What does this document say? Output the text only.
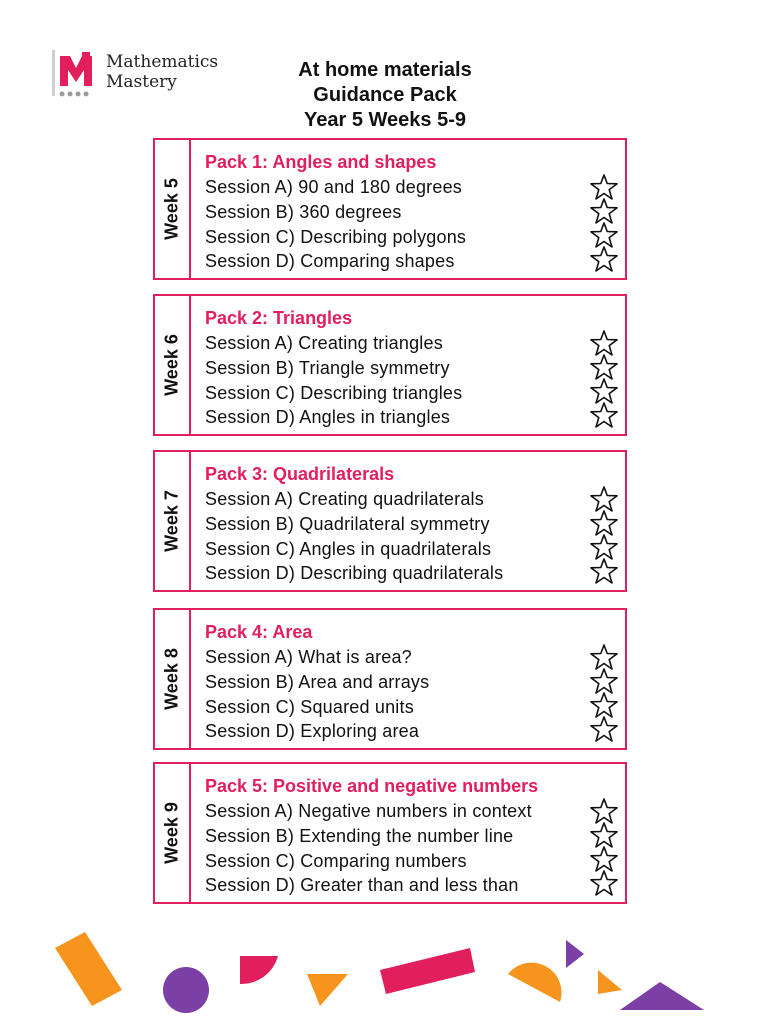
Mathematics
Mastery
At home materials
Guidance Pack
Year 5 Weeks 5-9
Week 5
Pack 1: Angles and shapes
Session A) 90 and 180 degrees
Session B) 360 degrees
Session C) Describing polygons
Session D) Comparing shapes
Week 6
Pack 2: Triangles
Session A) Creating triangles
Session B) Triangle symmetry
Session C) Describing triangles
Session D) Angles in triangles
Week 7
Pack 3: Quadrilaterals
Session A) Creating quadrilaterals
Session B) Quadrilateral symmetry
Session C) Angles in quadrilaterals
Session D) Describing quadrilaterals
Week 8
Pack 4: Area
Session A) What is area?
Session B) Area and arrays
Session C) Squared units
Session D) Exploring area
Week 9
Pack 5: Positive and negative numbers
Session A) Negative numbers in context
Session B) Extending the number line
Session C) Comparing numbers
Session D) Greater than and less than
